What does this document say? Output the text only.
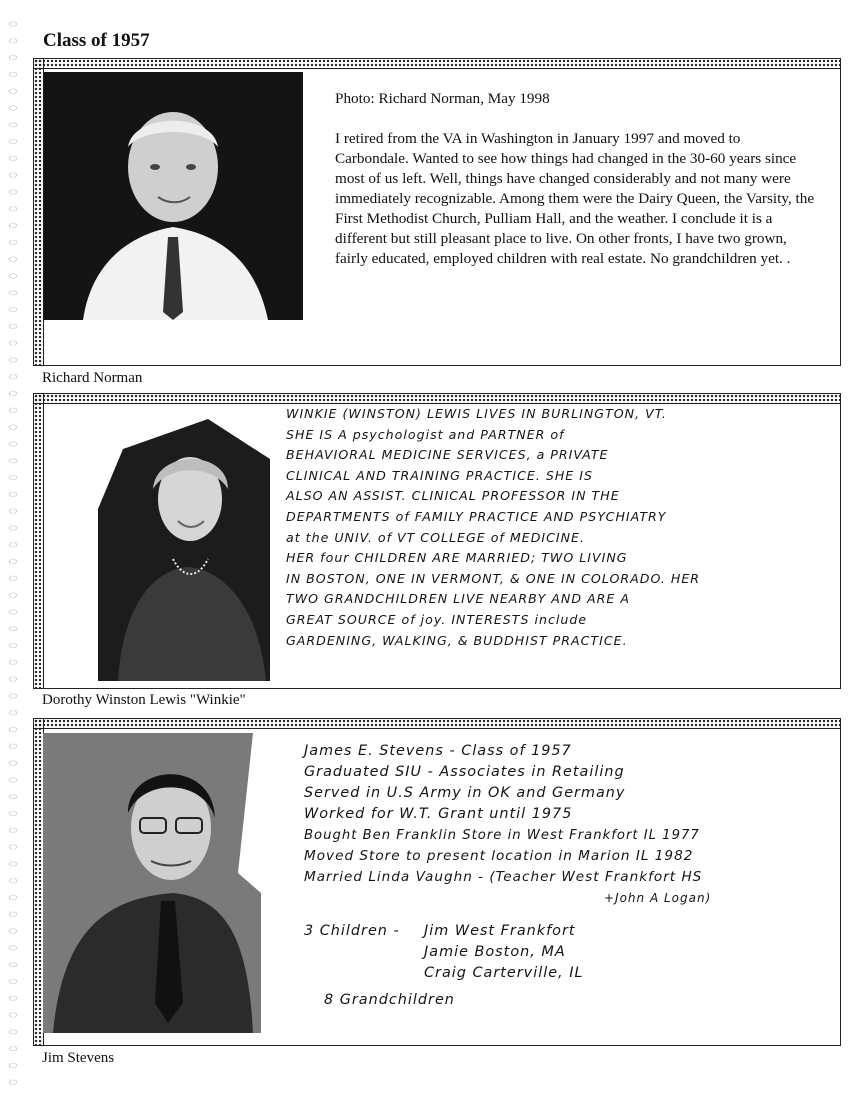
Class of 1957

Photo: Richard Norman, May 1998

I retired from the VA in Washington in January 1997 and moved to Carbondale. Wanted to see how things had changed in the 30-60 years since most of us left. Well, things have changed considerably and not many were immediately recognizable. Among them were the Dairy Queen, the Varsity, the First Methodist Church, Pulliam Hall, and the weather. I conclude it is a different but still pleasant place to live. On other fronts, I have two grown, fairly educated, employed children with real estate. No grandchildren yet. .

Richard Norman
WINKIE (WINSTON) LEWIS LIVES IN BURLINGTON, VT.
SHE IS A psychologist and PARTNER of
BEHAVIORAL MEDICINE SERVICES, a PRIVATE
CLINICAL AND TRAINING PRACTICE. SHE IS
ALSO AN ASSIST. CLINICAL PROFESSOR IN THE
DEPARTMENTS of FAMILY PRACTICE AND PSYCHIATRY
at the UNIV. of VT COLLEGE of MEDICINE.
HER four CHILDREN ARE MARRIED; TWO LIVING
IN BOSTON, ONE IN VERMONT, & ONE IN COLORADO. HER
TWO GRANDCHILDREN LIVE NEARBY AND ARE A
GREAT SOURCE of joy. INTERESTS include
GARDENING, WALKING, & BUDDHIST PRACTICE.
Dorothy Winston Lewis "Winkie"
James E. Stevens - Class of 1957
Graduated SIU - Associates in Retailing
Served in U.S Army in OK and Germany
Worked for W.T. Grant until 1975
Bought Ben Franklin Store in West Frankfort IL 1977
Moved Store to present location in Marion IL 1982
Married Linda Vaughn - (Teacher West Frankfort HS
+John A Logan)
3 Children -	Jim West Frankfort
Jamie Boston, MA
Craig Carterville, IL
8 Grandchildren
Jim Stevens
